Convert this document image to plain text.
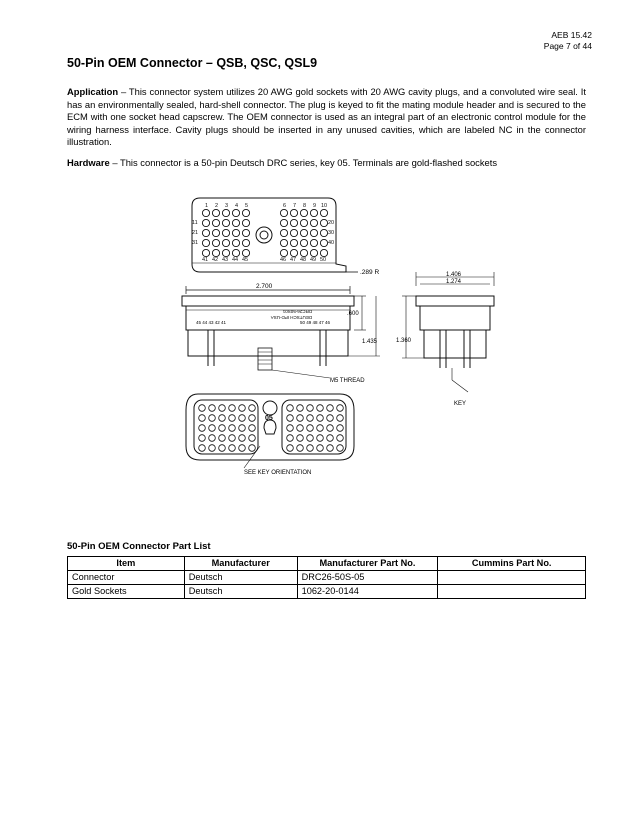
AEB 15.42
Page 7 of 44
50-Pin OEM Connector – QSB, QSC, QSL9
Application – This connector system utilizes 20 AWG gold sockets with 20 AWG cavity plugs, and a convoluted wire seal. It has an environmentally sealed, hard-shell connector. The plug is keyed to fit the mating module header and is secured to the ECM with one socket head capscrew. The OEM connector is used as an integral part of an electronic control module for the wiring harness interface. Cavity plugs should be inserted in any unused cavities, which are labeled NC in the connector illustration.
Hardware – This connector is a 50-pin Deutsch DRC series, key 05. Terminals are gold-flashed sockets
1 2 3 4 5	6 7 8 9 10
11
21
31
20
30
40
41 42 43 44 45	46 47 48 49 50
.289 R
2.700
.600
1.435
M5 THREAD
DRC26-50S01
DEUTSCH IPD-USA
45 44 43 42 41	50 49 48 47 46
1.406
1.274
1.360
KEY
05
SEE KEY ORIENTATION
50-Pin OEM Connector Part List
Item	Manufacturer	Manufacturer Part No.	Cummins Part No.
Connector	Deutsch	DRC26-50S-05	
Gold Sockets	Deutsch	1062-20-0144	
